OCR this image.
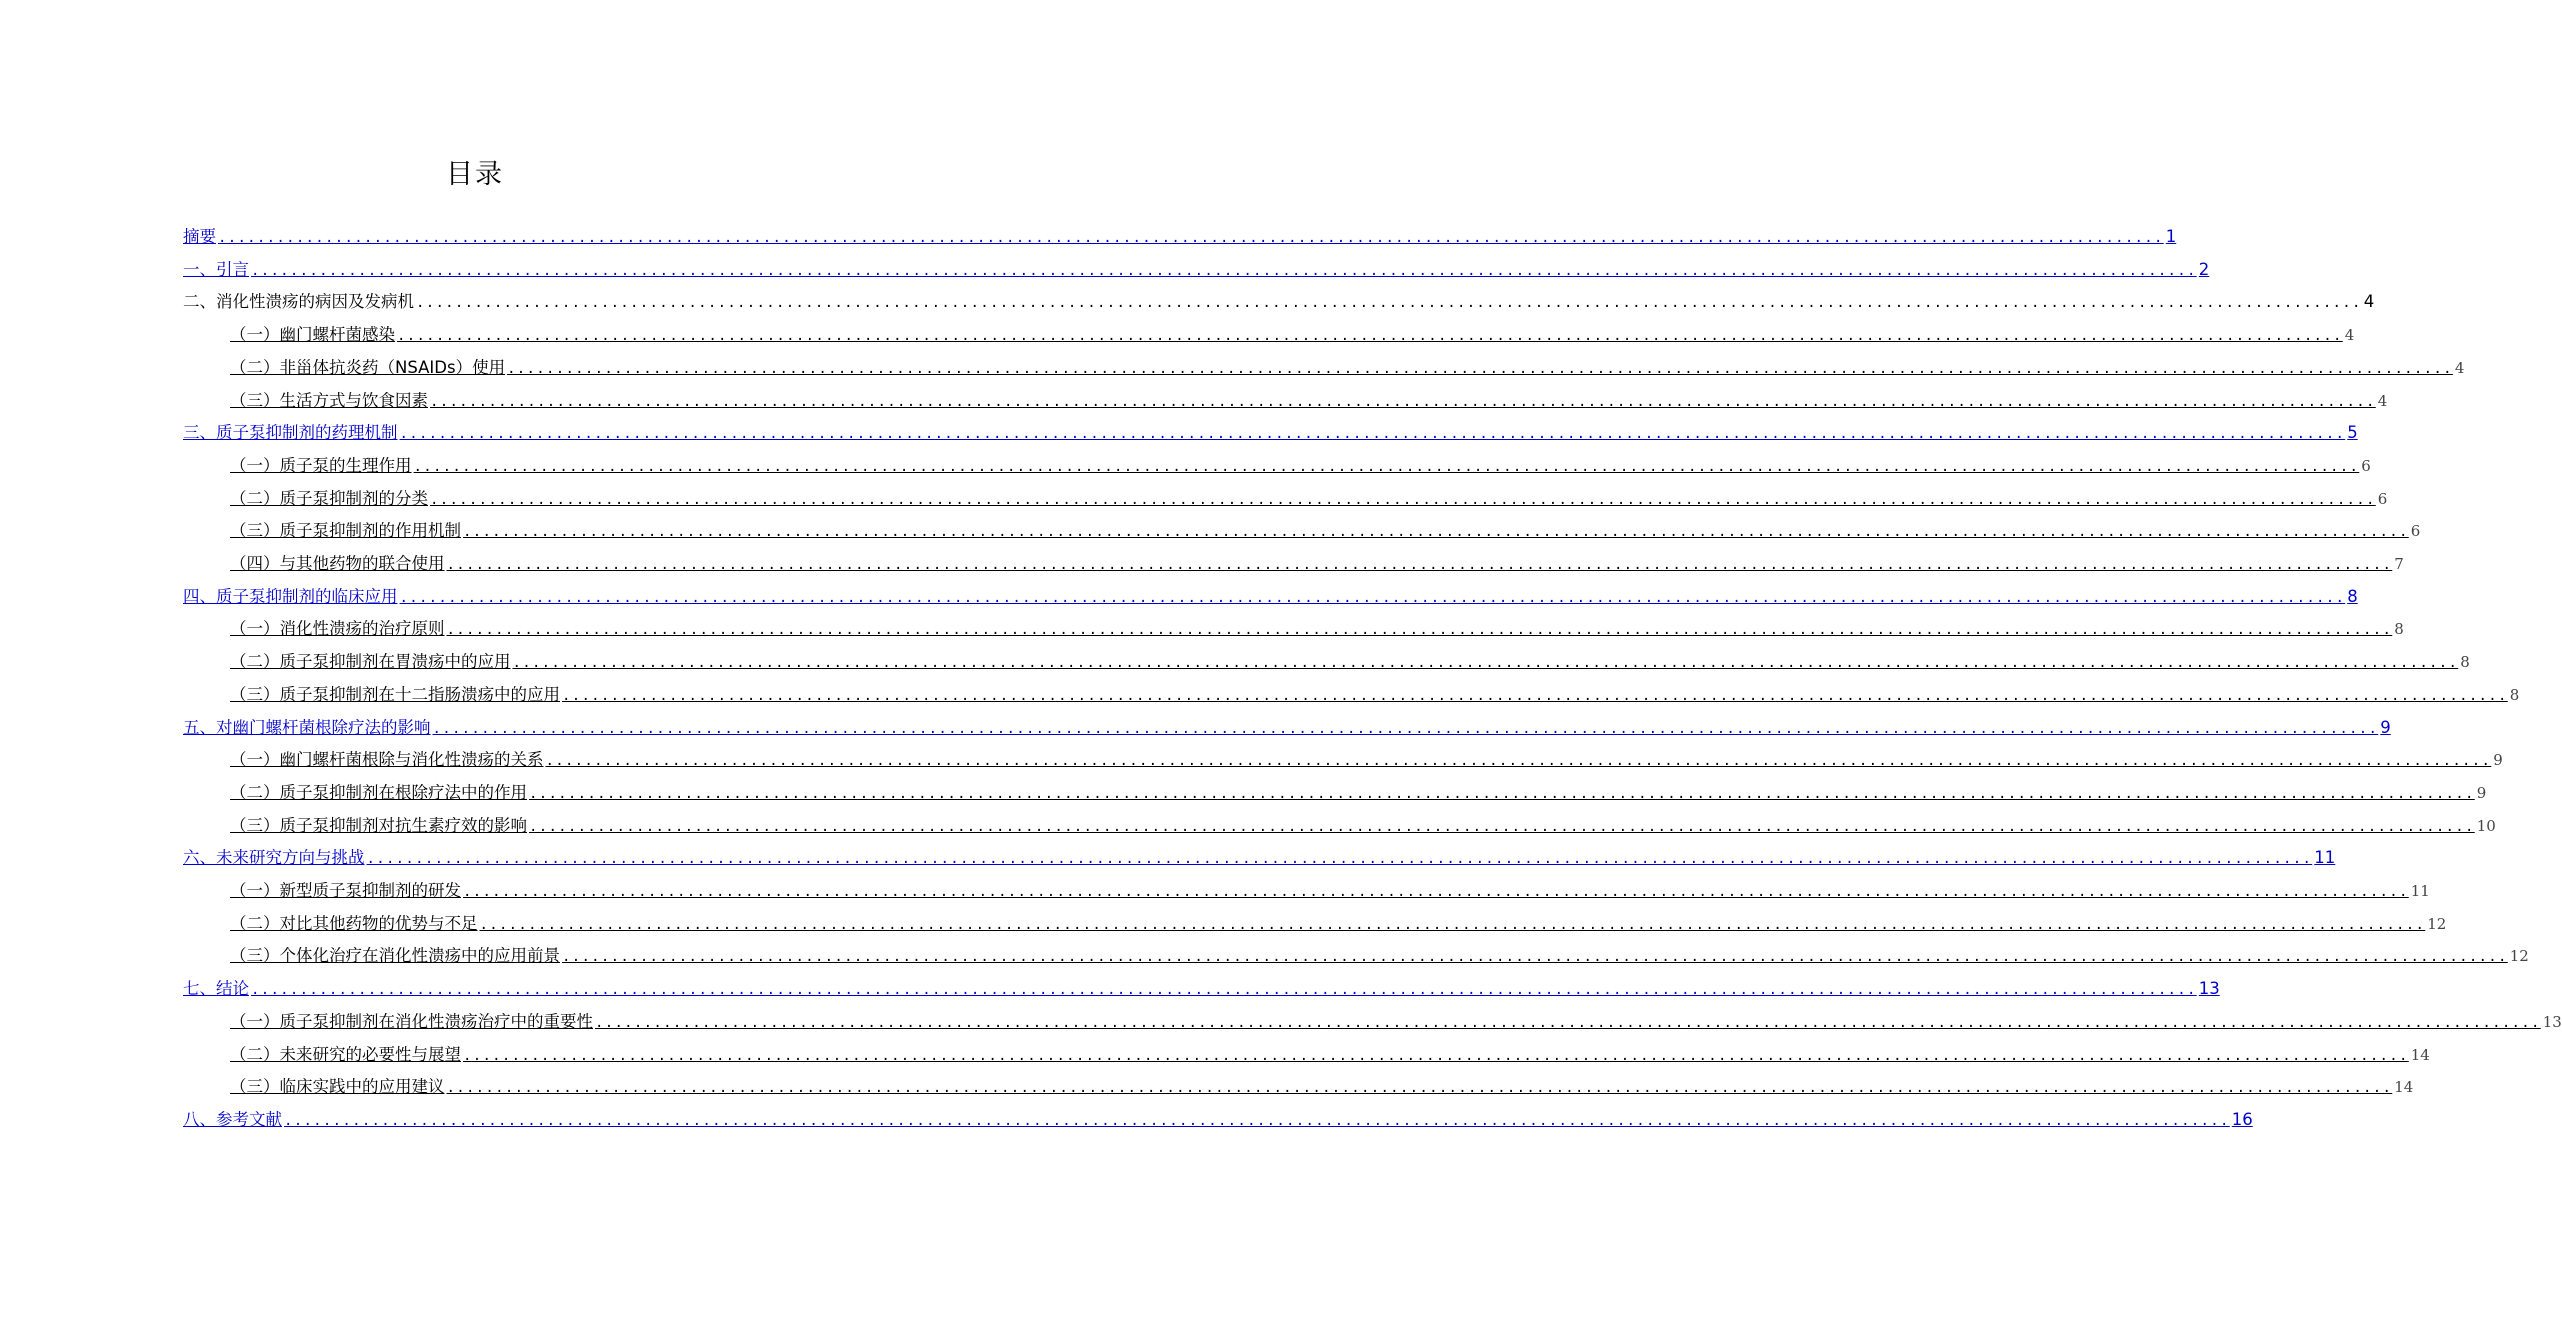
目录
摘要 ........................................................................................................................................................................................................ 1
一、引言 ........................................................................................................................................................................................................ 2
二、消化性溃疡的病因及发病机 ........................................................................................................................................................................................................ 4
（一）幽门螺杆菌感染 ........................................................................................................................................................................................................ 4
（二）非甾体抗炎药（NSAIDs）使用 ........................................................................................................................................................................................................ 4
（三）生活方式与饮食因素 ........................................................................................................................................................................................................ 4
三、质子泵抑制剂的药理机制 ........................................................................................................................................................................................................ 5
（一）质子泵的生理作用 ........................................................................................................................................................................................................ 6
（二）质子泵抑制剂的分类 ........................................................................................................................................................................................................ 6
（三）质子泵抑制剂的作用机制 ........................................................................................................................................................................................................ 6
（四）与其他药物的联合使用 ........................................................................................................................................................................................................ 7
四、质子泵抑制剂的临床应用 ........................................................................................................................................................................................................ 8
（一）消化性溃疡的治疗原则 ........................................................................................................................................................................................................ 8
（二）质子泵抑制剂在胃溃疡中的应用 ........................................................................................................................................................................................................ 8
（三）质子泵抑制剂在十二指肠溃疡中的应用 ........................................................................................................................................................................................................ 8
五、对幽门螺杆菌根除疗法的影响 ........................................................................................................................................................................................................ 9
（一）幽门螺杆菌根除与消化性溃疡的关系 ........................................................................................................................................................................................................ 9
（二）质子泵抑制剂在根除疗法中的作用 ........................................................................................................................................................................................................ 9
（三）质子泵抑制剂对抗生素疗效的影响 ........................................................................................................................................................................................................ 10
六、未来研究方向与挑战 ........................................................................................................................................................................................................ 11
（一）新型质子泵抑制剂的研发 ........................................................................................................................................................................................................ 11
（二）对比其他药物的优势与不足 ........................................................................................................................................................................................................ 12
（三）个体化治疗在消化性溃疡中的应用前景 ........................................................................................................................................................................................................ 12
七、结论 ........................................................................................................................................................................................................ 13
（一）质子泵抑制剂在消化性溃疡治疗中的重要性 ........................................................................................................................................................................................................ 13
（二）未来研究的必要性与展望 ........................................................................................................................................................................................................ 14
（三）临床实践中的应用建议 ........................................................................................................................................................................................................ 14
八、参考文献 ........................................................................................................................................................................................................ 16
